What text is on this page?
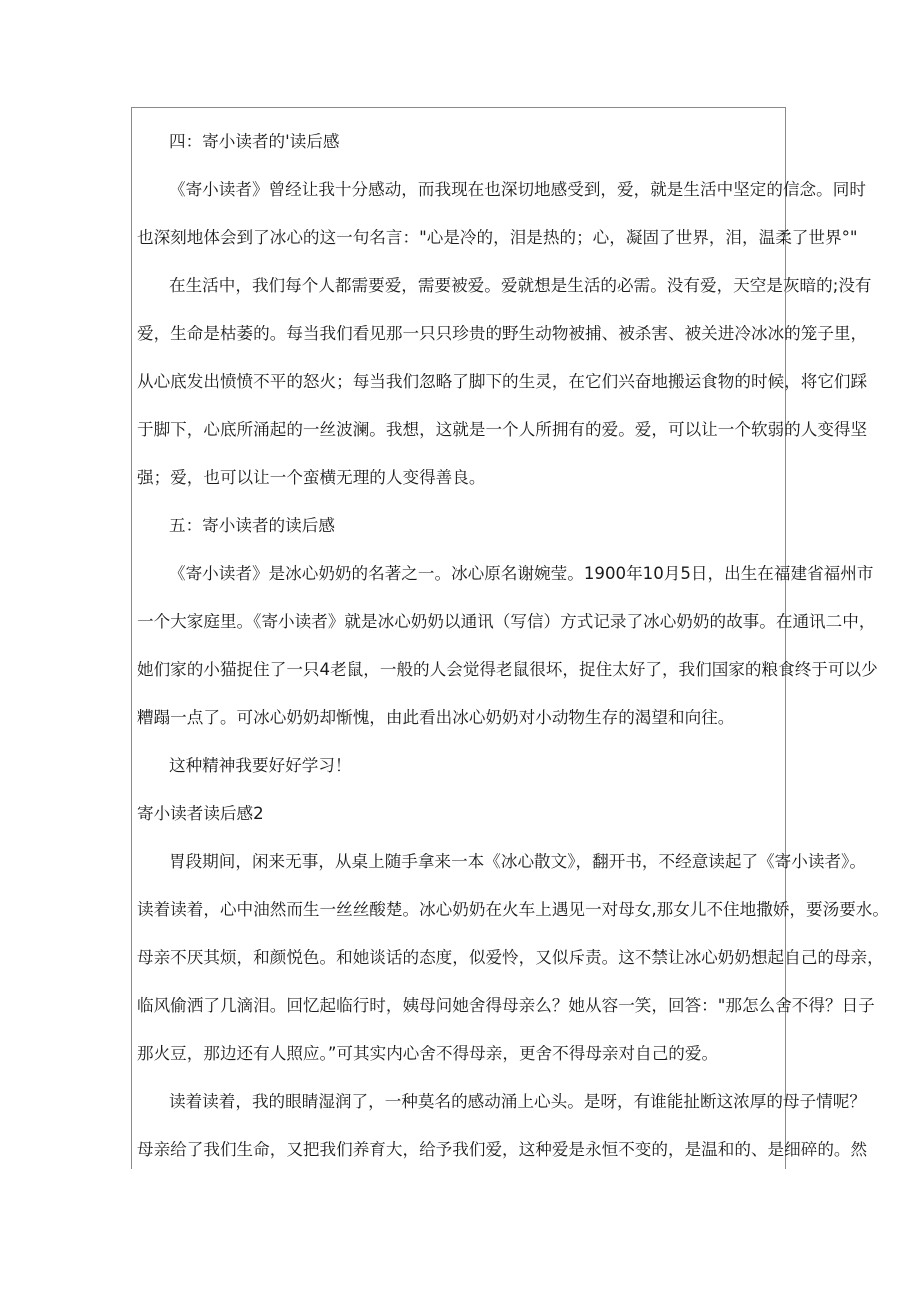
四：寄小读者的'读后感
《寄小读者》曾经让我十分感动，而我现在也深切地感受到，爱，就是生活中坚定的信念。同时
也深刻地体会到了冰心的这一句名言："心是冷的，泪是热的；心，凝固了世界，泪，温柔了世界°"
在生活中，我们每个人都需要爱，需要被爱。爱就想是生活的必需。没有爱，天空是灰暗的;没有
爱，生命是枯萎的。每当我们看见那一只只珍贵的野生动物被捕、被杀害、被关进冷冰冰的笼子里，
从心底发出愤愤不平的怒火；每当我们忽略了脚下的生灵，在它们兴奋地搬运食物的时候，将它们踩
于脚下，心底所涌起的一丝波澜。我想，这就是一个人所拥有的爱。爱，可以让一个软弱的人变得坚
强；爱，也可以让一个蛮横无理的人变得善良。
五：寄小读者的读后感
《寄小读者》是冰心奶奶的名著之一。冰心原名谢婉莹。1900年10月5日，出生在福建省福州市
一个大家庭里。《寄小读者》就是冰心奶奶以通讯（写信）方式记录了冰心奶奶的故事。在通讯二中，
她们家的小猫捉住了一只4老鼠，一般的人会觉得老鼠很坏，捉住太好了，我们国家的粮食终于可以少
糟蹋一点了。可冰心奶奶却惭愧，由此看出冰心奶奶对小动物生存的渴望和向往。
这种精神我要好好学习！
寄小读者读后感2
胃段期间，闲来无事，从桌上随手拿来一本《冰心散文》，翻开书，不经意读起了《寄小读者》。
读着读着，心中油然而生一丝丝酸楚。冰心奶奶在火车上遇见一对母女,那女儿不住地撒娇，要汤要水。
母亲不厌其烦，和颜悦色。和她谈话的态度，似爱怜，又似斥责。这不禁让冰心奶奶想起自己的母亲，
临风偷洒了几滴泪。回忆起临行时，姨母问她舍得母亲么？她从容一笑，回答："那怎么舍不得？日子
那火豆，那边还有人照应。”可其实内心舍不得母亲，更舍不得母亲对自己的爱。
读着读着，我的眼睛湿润了，一种莫名的感动涌上心头。是呀，有谁能扯断这浓厚的母子情呢？
母亲给了我们生命，又把我们养育大，给予我们爱，这种爱是永恒不变的，是温和的、是细碎的。然
